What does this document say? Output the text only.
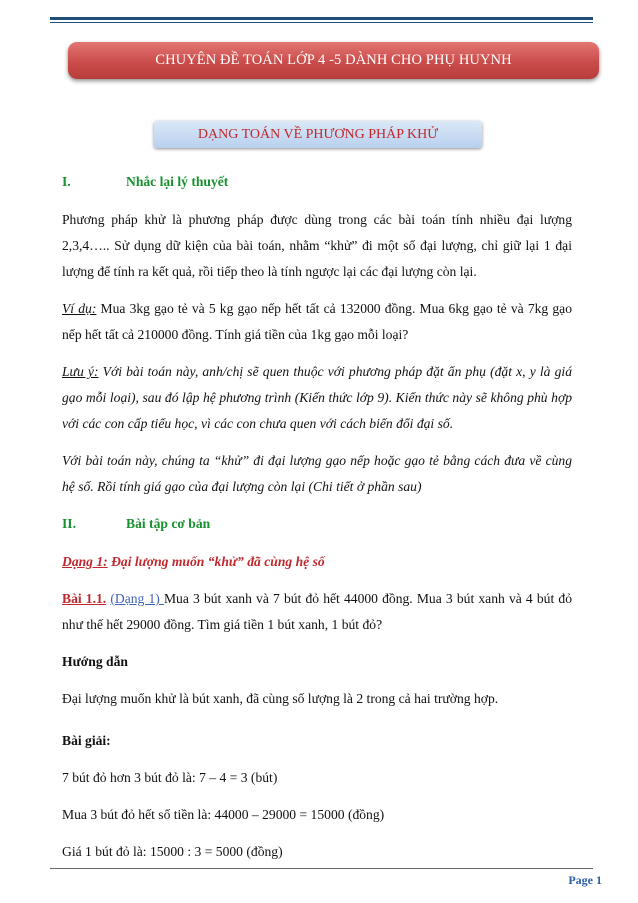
CHUYÊN ĐỀ TOÁN LỚP 4 -5 DÀNH CHO PHỤ HUYNH
DẠNG TOÁN VỀ PHƯƠNG PHÁP KHỬ

I.	Nhắc lại lý thuyết

Phương pháp khử là phương pháp được dùng trong các bài toán tính nhiều đại lượng 2,3,4….. Sử dụng dữ kiện của bài toán, nhằm “khử” đi một số đại lượng, chỉ giữ lại 1 đại lượng để tính ra kết quả, rồi tiếp theo là tính ngược lại các đại lượng còn lại.

Ví dụ: Mua 3kg gạo tẻ và 5 kg gạo nếp hết tất cả 132000 đồng. Mua 6kg gạo tẻ và 7kg gạo nếp hết tất cả 210000 đồng. Tính giá tiền của 1kg gạo mỗi loại?

Lưu ý: Với bài toán này, anh/chị sẽ quen thuộc với phương pháp đặt ẩn phụ (đặt x, y là giá gạo mỗi loại), sau đó lập hệ phương trình (Kiến thức lớp 9). Kiến thức này sẽ không phù hợp với các con cấp tiểu học, vì các con chưa quen với cách biến đổi đại số.

Với bài toán này, chúng ta “khử” đi đại lượng gạo nếp hoặc gạo tẻ bằng cách đưa về cùng hệ số. Rồi tính giá gạo của đại lượng còn lại (Chi tiết ở phần sau)

II.	Bài tập cơ bản

Dạng 1: Đại lượng muốn “khử” đã cùng hệ số

Bài 1.1. (Dạng 1) Mua 3 bút xanh và 7 bút đỏ hết 44000 đồng. Mua 3 bút xanh và 4 bút đỏ như thế hết 29000 đồng. Tìm giá tiền 1 bút xanh, 1 bút đỏ?

Hướng dẫn

Đại lượng muốn khử là bút xanh, đã cùng số lượng là 2 trong cả hai trường hợp.

Bài giải:

7 bút đỏ hơn 3 bút đỏ là: 7 – 4 = 3 (bút)

Mua 3 bút đỏ hết số tiền là: 44000 – 29000 = 15000 (đồng)

Giá 1 bút đỏ là: 15000 : 3 = 5000 (đồng)

Page 1
